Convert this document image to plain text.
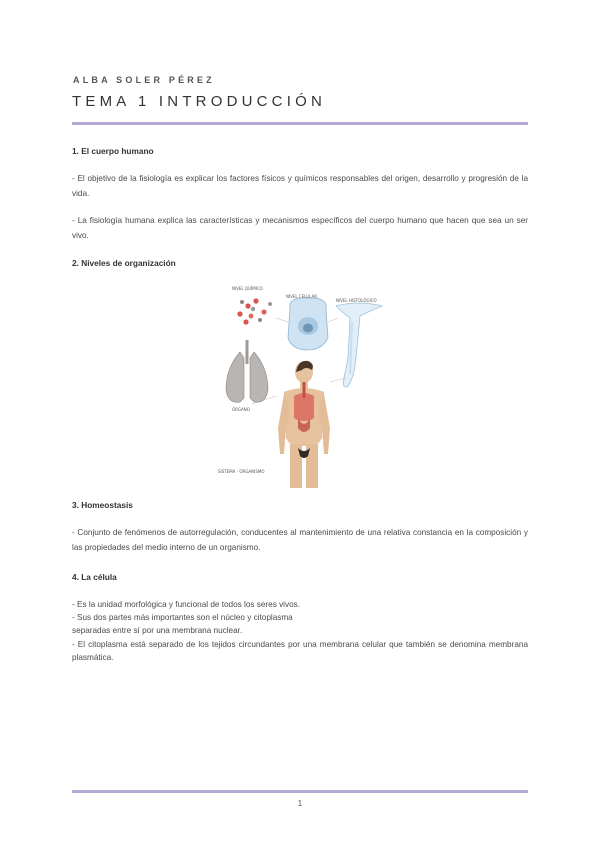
ALBA SOLER PÉREZ
TEMA 1 INTRODUCCIÓN
1. El cuerpo humano
- El objetivo de la fisiología es explicar los factores físicos y químicos responsables del origen, desarrollo y progresión de la vida.
- La fisiología humana explica las características y mecanismos específicos del cuerpo humano que hacen que sea un ser vivo.
2. Niveles de organización
NIVEL QUÍMICO
NIVEL CELULAR
NIVEL HISTOLÓGICO
ÓRGANO
SISTEMA - ORGANISMO
3. Homeostasis
- Conjunto de fenómenos de autorregulación, conducentes al mantenimiento de una relativa constancia en la composición y las propiedades del medio interno de un organismo.
4. La célula
- Es la unidad morfológica y funcional de todos los seres vivos.
- Sus dos partes más importantes son el núcleo y citoplasma
separadas entre sí por una membrana nuclear.
- El citoplasma está separado de los tejidos circundantes por una membrana celular que también se denomina membrana plasmática.
1
